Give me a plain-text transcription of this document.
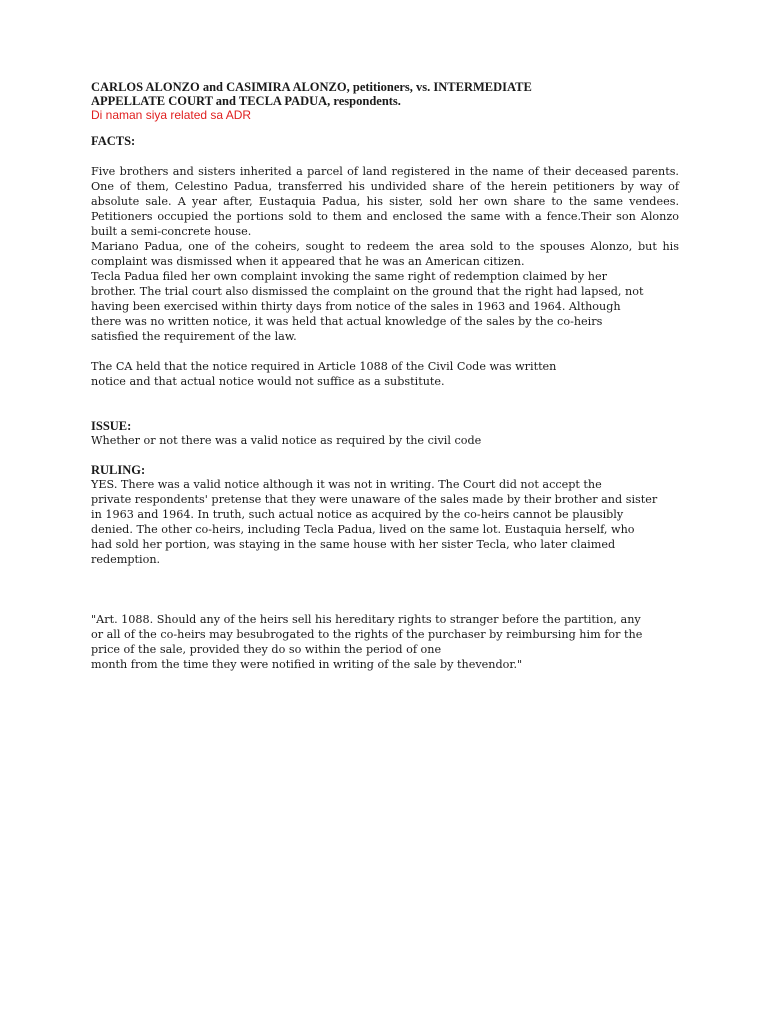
CARLOS ALONZO and CASIMIRA ALONZO, petitioners, vs. INTERMEDIATE
APPELLATE COURT and TECLA PADUA, respondents.

Di naman siya related sa ADR

FACTS:

Five brothers and sisters inherited a parcel of land registered in the name of their deceased parents. One of them, Celestino Padua, transferred his undivided share of the herein petitioners by way of absolute sale. A year after, Eustaquia Padua, his sister, sold her own share to the same vendees. Petitioners occupied the portions sold to them and enclosed the same with a fence.Their son Alonzo built a semi-concrete house.

Mariano Padua, one of the coheirs, sought to redeem the area sold to the spouses Alonzo, but his complaint was dismissed when it appeared that he was an American citizen.

Tecla Padua filed her own complaint invoking the same right of redemption claimed by her
brother. The trial court also dismissed the complaint on the ground that the right had lapsed, not
having been exercised within thirty days from notice of the sales in 1963 and 1964. Although
there was no written notice, it was held that actual knowledge of the sales by the co-heirs
satisfied the requirement of the law.

The CA held that the notice required in Article 1088 of the Civil Code was written
notice and that actual notice would not suffice as a substitute.

ISSUE:

Whether or not there was a valid notice as required by the civil code

RULING:

YES. There was a valid notice although it was not in writing. The Court did not accept the
private respondents' pretense that they were unaware of the sales made by their brother and sister
in 1963 and 1964. In truth, such actual notice as acquired by the co-heirs cannot be plausibly
denied. The other co-heirs, including Tecla Padua, lived on the same lot. Eustaquia herself, who
had sold her portion, was staying in the same house with her sister Tecla, who later claimed
redemption.

"Art. 1088. Should any of the heirs sell his hereditary rights to stranger before the partition, any
or all of the co-heirs may besubrogated to the rights of the purchaser by reimbursing him for the
price of the sale, provided they do so within the period of one
month from the time they were notified in writing of the sale by thevendor."
